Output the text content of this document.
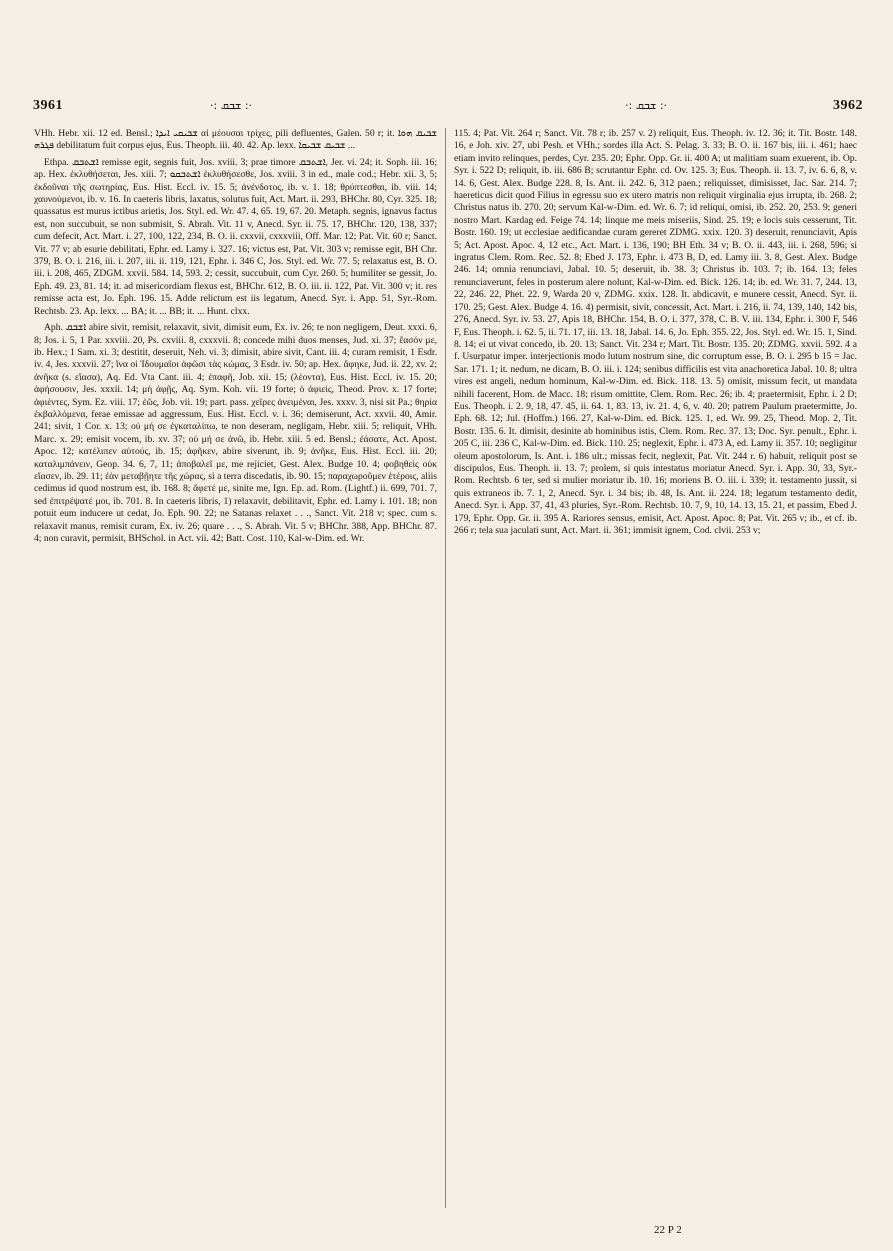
3961	·: ܫܒܩ :·	·: ܫܒܩ :·	3962

VHh. Hebr. xii. 12 ed. Bensl.; ܫܒܝܩܝ ܐܝܕܐ αἱ μέουσαι τρίχες, pili defluentes, Galen. 50 r; it. ܫܒܝܩ ܗܘܐ ܦܓܪܗ debilitatum fuit corpus ejus, Eus. Theoph. iii. 40. 42. Ap. lexx. ܫܒܝܩ ܫܒܝܩܐ ...

Ethpa. ܐܫܬܒܩ remisse egit, segnis fuit, Jos. xviii. 3; prae timore ܐܫܬܒܩ, Jer. vi. 24; it. Soph. iii. 16; ap. Hex. ἐκλυθήσεται, Jes. xiii. 7; ܐܫܬܒܩܘ ἐκλυθήσεσθε, Jos. xviii. 3 in ed., male cod.; Hebr. xii. 3, 5; ἐκδοῦναι τῆς σωτηρίας, Eus. Hist. Eccl. iv. 15. 5; ἀνένδοτος, ib. v. 1. 18; θρύπτεσθαι, ib. viii. 14; χαυνούμενοι, ib. v. 16. In caeteris libris, laxatus, solutus fuit, Act. Mart. ii. 293, BHChr. 80, Cyr. 325. 18; quassatus est murus ictibus arietis, Jos. Styl. ed. Wr. 47. 4, 65. 19, 67. 20. Metaph. segnis, ignavus factus est, non succubuit, se non submisit, S. Abrah. Vit. 11 v, Anecd. Syr. ii. 75. 17, BHChr. 120, 138, 337; cum defecit, Act. Mart. i. 27, 100, 122, 234, B. O. ii. cxxvii, cxxxviii, Off. Mar. 12; Pat. Vit. 60 r; Sanct. Vit. 77 v; ab esurie debilitati, Ephr. ed. Lamy i. 327. 16; victus est, Pat. Vit. 303 v; remisse egit, BH Chr. 379, B. O. i. 216, iii. i. 207, iii. ii. 119, 121, Ephr. i. 346 C, Jos. Styl. ed. Wr. 77. 5; relaxatus est, B. O. iii. i. 208, 465, ZDGM. xxvii. 584. 14, 593. 2; cessit, succubuit, cum Cyr. 260. 5; humiliter se gessit, Jo. Eph. 49. 23, 81. 14; it. ad misericordiam flexus est, BHChr. 612, B. O. iii. ii. 122, Pat. Vit. 300 v; it. res remisse acta est, Jo. Eph. 196. 15. Adde relictum est iis legatum, Anecd. Syr. i. App. 51, Syr.-Rom. Rechtsb. 23. Ap. lexx. ... BA; it. ... BB; it. ... Hunt. clxx.

Aph. ܐܫܒܩ abire sivit, remisit, relaxavit, sivit, dimisit eum, Ex. iv. 26; te non negligem, Deut. xxxi. 6, 8; Jos. i. 5, 1 Par. xxviii. 20, Ps. cxviii. 8, cxxxvii. 8; concede mihi duos menses, Jud. xi. 37; ἔασόν με, ib. Hex.; 1 Sam. xi. 3; destitit, deseruit, Neh. vi. 3; dimisit, abire sivit, Cant. iii. 4; curam remisit, 1 Esdr. iv. 4, Jes. xxxvii. 27; ἵνα οἱ Ἰδουμαῖοι ἀφῶσι τὰς κώμας, 3 Esdr. iv. 50; ap. Hex. ἄφηκε, Jud. ii. 22, xv. 2; ἀνῆκα (s. εἴασα), Aq. Ed. Vta Cant. iii. 4; ἐπαφῆ, Job. xii. 15; (λέοντα), Eus. Hist. Eccl. iv. 15. 20; ἀφήσουσιν, Jes. xxxii. 14; μὴ ἀφῇς, Aq. Sym. Koh. vii. 19 forte; ὁ ἀφιείς, Theod. Prov. x. 17 forte; ἀφιέντες, Sym. Ez. viii. 17; ἐῶς, Job. vii. 19; part. pass. χεῖρες ἀνειμέναι, Jes. xxxv. 3, nisi sit Pa.; θηρία ἐκβαλλόμενα, ferae emissae ad aggressum, Eus. Hist. Eccl. v. i. 36; demiserunt, Act. xxvii. 40, Amir. 241; sivit, 1 Cor. x. 13; οὐ μή σε ἐγκαταλίπω, te non deseram, negligam, Hebr. xiii. 5; reliquit, VHh. Marc. x. 29; emisit vocem, ib. xv. 37; οὐ μή σε ἀνῶ, ib. Hebr. xiii. 5 ed. Bensl.; ἐάσατε, Act. Apost. Apoc. 12; κατέλιπεν αὐτούς, ib. 15; ἀφῆκεν, abire siverunt, ib. 9; ἀνῆκε, Eus. Hist. Eccl. iii. 20; καταλιμπάνειν, Geop. 34. 6, 7, 11; ἀποβαλεῖ με, me rejiciet, Gest. Alex. Budge 10. 4; φοβηθεὶς οὐκ εἴασεν, ib. 29. 11; ἐὰν μεταβῇητε τῆς χώρας, si a terra discedatis, ib. 90. 15; παραχωροῦμεν ἑτέροις, aliis cedimus id quod nostrum est, ib. 168. 8; ἄφετέ με, sinite me, Ign. Ep. ad. Rom. (Lightf.) ii. 699, 701. 7, sed ἐπιτρέψατέ μοι, ib. 701. 8. In caeteris libris, 1) relaxavit, debilitavit, Ephr. ed. Lamy i. 101. 18; non potuit eum inducere ut cedat, Jo. Eph. 90. 22; ne Satanas relaxet . . ., Sanct. Vit. 218 v; spec. cum s. relaxavit manus, remisit curam, Ex. iv. 26; quare . . ., S. Abrah. Vit. 5 v; BHChr. 388, App. BHChr. 87. 4; non curavit, permisit, BHSchol. in Act. vii. 42; Batt. Cost. 110, Kal-w-Dim. ed. Wr.

115. 4; Pat. Vit. 264 r; Sanct. Vit. 78 r; ib. 257 v. 2) reliquit, Eus. Theoph. iv. 12. 36; it. Tit. Bostr. 148. 16, e Joh. xiv. 27, ubi Pesh. et VHh.; sordes illa Act. S. Pelag. 3. 33; B. O. ii. 167 bis, iii. i. 461; haec etiam invito relinques, perdes, Cyr. 235. 20; Ephr. Opp. Gr. ii. 400 A; ut malitiam suam exuerent, ib. Op. Syr. i. 522 D; reliquit, ib. iii. 686 B; scrutantur Ephr. cd. Ov. 125. 3; Eus. Theoph. ii. 13. 7, iv. 6. 6, 8, v. 14. 6, Gest. Alex. Budge 228. 8, Is. Ant. ii. 242. 6, 312 paen.; reliquisset, dimisisset, Jac. Sar. 214. 7; haereticus dicit quod Filius in egressu suo ex utero matris non reliquit virginalia ejus irrupta, ib. 268. 2; Christus natus ib. 270. 20; servum Kal-w-Dim. ed. Wr. 6. 7; id reliqui, omisi, ib. 252. 20, 253. 9; generi nostro Mart. Kardag ed. Feige 74. 14; linque me meis miseriis, Sind. 25. 19; e locis suis cesserunt, Tit. Bostr. 160. 19; ut ecclesiae aedificandae curam gereret ZDMG. xxix. 120. 3) deseruit, renunciavit, Apis 5; Act. Apost. Apoc. 4, 12 etc., Act. Mart. i. 136, 190; BH Eth. 34 v; B. O. ii. 443, iii. i. 268, 596; si ingratus Clem. Rom. Rec. 52. 8; Ebed J. 173, Ephr. i. 473 B, D, ed. Lamy iii. 3. 8, Gest. Alex. Budge 246. 14; omnia renunciavi, Jabal. 10. 5; deseruit, ib. 38. 3; Christus ib. 103. 7; ib. 164. 13; feles renunciaverunt, feles in posterum alere nolunt, Kal-w-Dim. ed. Bick. 126. 14; ib. ed. Wr. 31. 7, 244. 13, 22, 246. 22, Phet. 22. 9, Warda 20 v, ZDMG. xxix. 128. It. abdicavit, e munere cessit, Anecd. Syr. ii. 170. 25; Gest. Alex. Budge 4. 16. 4) permisit, sivit, concessit, Act. Mart. i. 216, ii. 74, 139, 140, 142 bis, 276, Anecd. Syr. iv. 53. 27, Apis 18, BHChr. 154, B. O. i. 377, 378, C. B. V. iii. 134, Ephr. i. 300 F, 546 F, Eus. Theoph. i. 62. 5, ii. 71. 17, iii. 13. 18, Jabal. 14. 6, Jo. Eph. 355. 22, Jos. Styl. ed. Wr. 15. 1, Sind. 8. 14; ei ut vivat concedo, ib. 20. 13; Sanct. Vit. 234 r; Mart. Tit. Bostr. 135. 20; ZDMG. xxvii. 592. 4 a f. Usurpatur imper. interjectionis modo lutum nostrum sine, dic corruptum esse, B. O. i. 295 b 15 = Jac. Sar. 171. 1; it. nedum, ne dicam, B. O. iii. i. 124; senibus difficilis est vita anachoretica Jabal. 10. 8; ultra vires est angeli, nedum hominum, Kal-w-Dim. ed. Bick. 118. 13. 5) omisit, missum fecit, ut mandata nihili facerent, Hom. de Macc. 18; risum omittite, Clem. Rom. Rec. 26; ib. 4; praetermisit, Ephr. i. 2 D; Eus. Theoph. i. 2. 9, 18, 47. 45, ii. 64. 1, 83. 13, iv. 21. 4, 6, v. 40. 20; patrem Paulum praetermitte, Jo. Eph. 68. 12; Jul. (Hoffm.) 166. 27, Kal-w-Dim. ed. Bick. 125. 1, ed. Wr. 99. 25, Theod. Mop. 2, Tit. Bostr. 135. 6. It. dimisit, desinite ab hominibus istis, Clem. Rom. Rec. 37. 13; Doc. Syr. penult., Ephr. i. 205 C, iii. 236 C, Kal-w-Dim. ed. Bick. 110. 25; neglexit, Ephr. i. 473 A, ed. Lamy ii. 357. 10; negligitur oleum apostolorum, Is. Ant. i. 186 ult.; missas fecit, neglexit, Pat. Vit. 244 r. 6) habuit, reliquit post se discipulos, Eus. Theoph. ii. 13. 7; prolem, si quis intestatus moriatur Anecd. Syr. i. App. 30, 33, Syr.-Rom. Rechtsb. 6 ter, sed si mulier moriatur ib. 10. 16; moriens B. O. iii. i. 339; it. testamento jussit, si quis extraneos ib. 7. 1, 2, Anecd. Syr. i. 34 bis; ib. 48, Is. Ant. ii. 224. 18; legatum testamento dedit, Anecd. Syr. i. App. 37, 41, 43 pluries, Syr.-Rom. Rechtsb. 10. 7, 9, 10, 14. 13, 15. 21, et passim, Ebed J. 179, Ephr. Opp. Gr. ii. 395 A. Rariores sensus, emisit, Act. Apost. Apoc. 8; Pat. Vit. 265 v; ib., et cf. ib. 266 r; tela sua jaculati sunt, Act. Mart. ii. 361; immisit ignem, Cod. clvii. 253 v;

22 P 2
